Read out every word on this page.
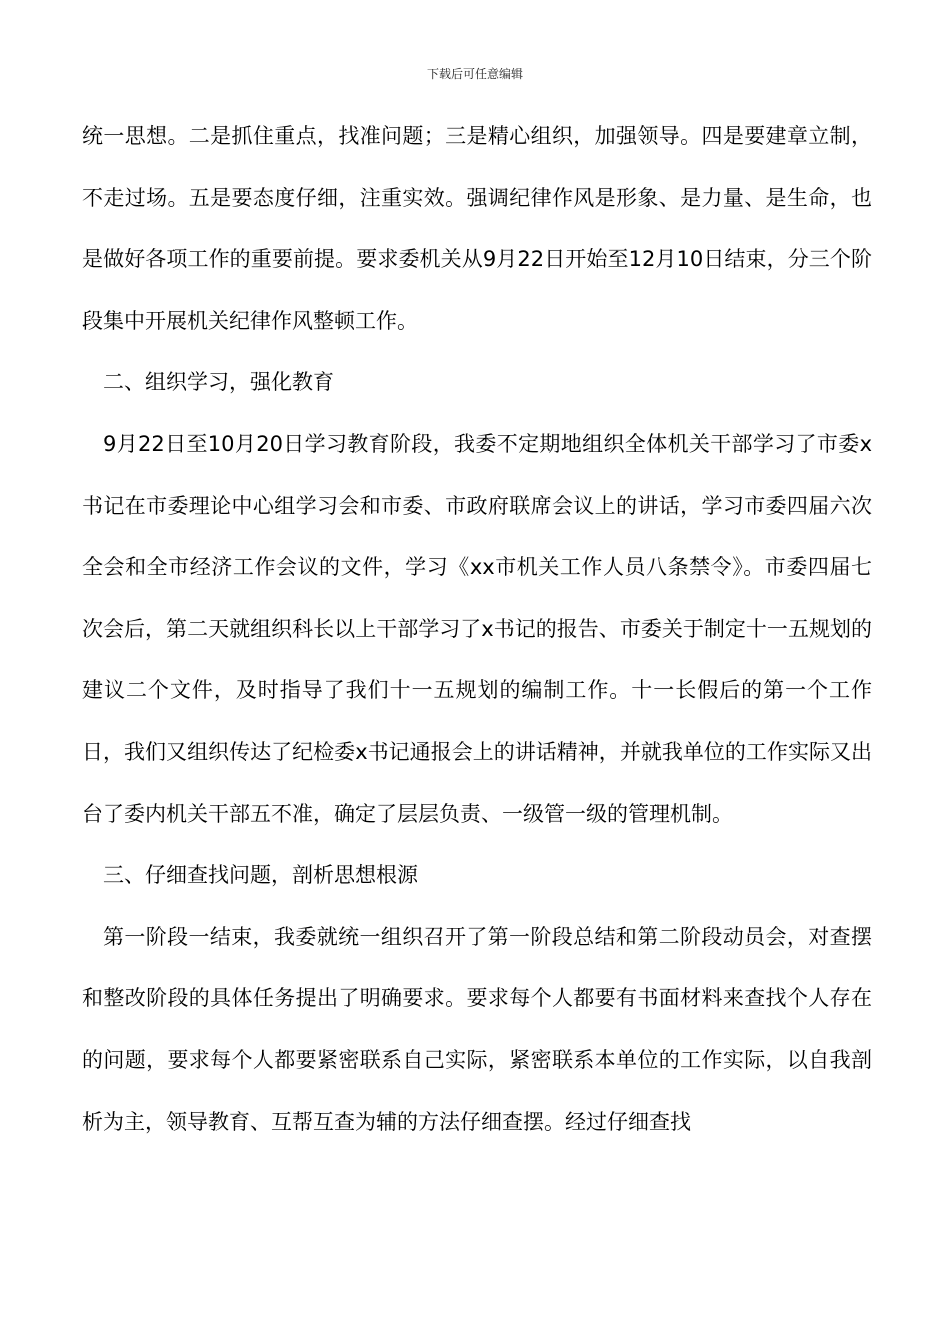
下载后可任意编辑

统一思想。二是抓住重点，找准问题；三是精心组织，加强领导。四是要建章立制，不走过场。五是要态度仔细，注重实效。强调纪律作风是形象、是力量、是生命，也是做好各项工作的重要前提。要求委机关从9月22日开始至12月10日结束，分三个阶段集中开展机关纪律作风整顿工作。

二、组织学习，强化教育

9月22日至10月20日学习教育阶段，我委不定期地组织全体机关干部学习了市委x书记在市委理论中心组学习会和市委、市政府联席会议上的讲话，学习市委四届六次全会和全市经济工作会议的文件，学习《xx市机关工作人员八条禁令》。市委四届七次会后，第二天就组织科长以上干部学习了x书记的报告、市委关于制定十一五规划的建议二个文件，及时指导了我们十一五规划的编制工作。十一长假后的第一个工作日，我们又组织传达了纪检委x书记通报会上的讲话精神，并就我单位的工作实际又出台了委内机关干部五不准，确定了层层负责、一级管一级的管理机制。

三、仔细查找问题，剖析思想根源

第一阶段一结束，我委就统一组织召开了第一阶段总结和第二阶段动员会，对查摆和整改阶段的具体任务提出了明确要求。要求每个人都要有书面材料来查找个人存在的问题，要求每个人都要紧密联系自己实际，紧密联系本单位的工作实际，以自我剖析为主，领导教育、互帮互查为辅的方法仔细查摆。经过仔细查找
